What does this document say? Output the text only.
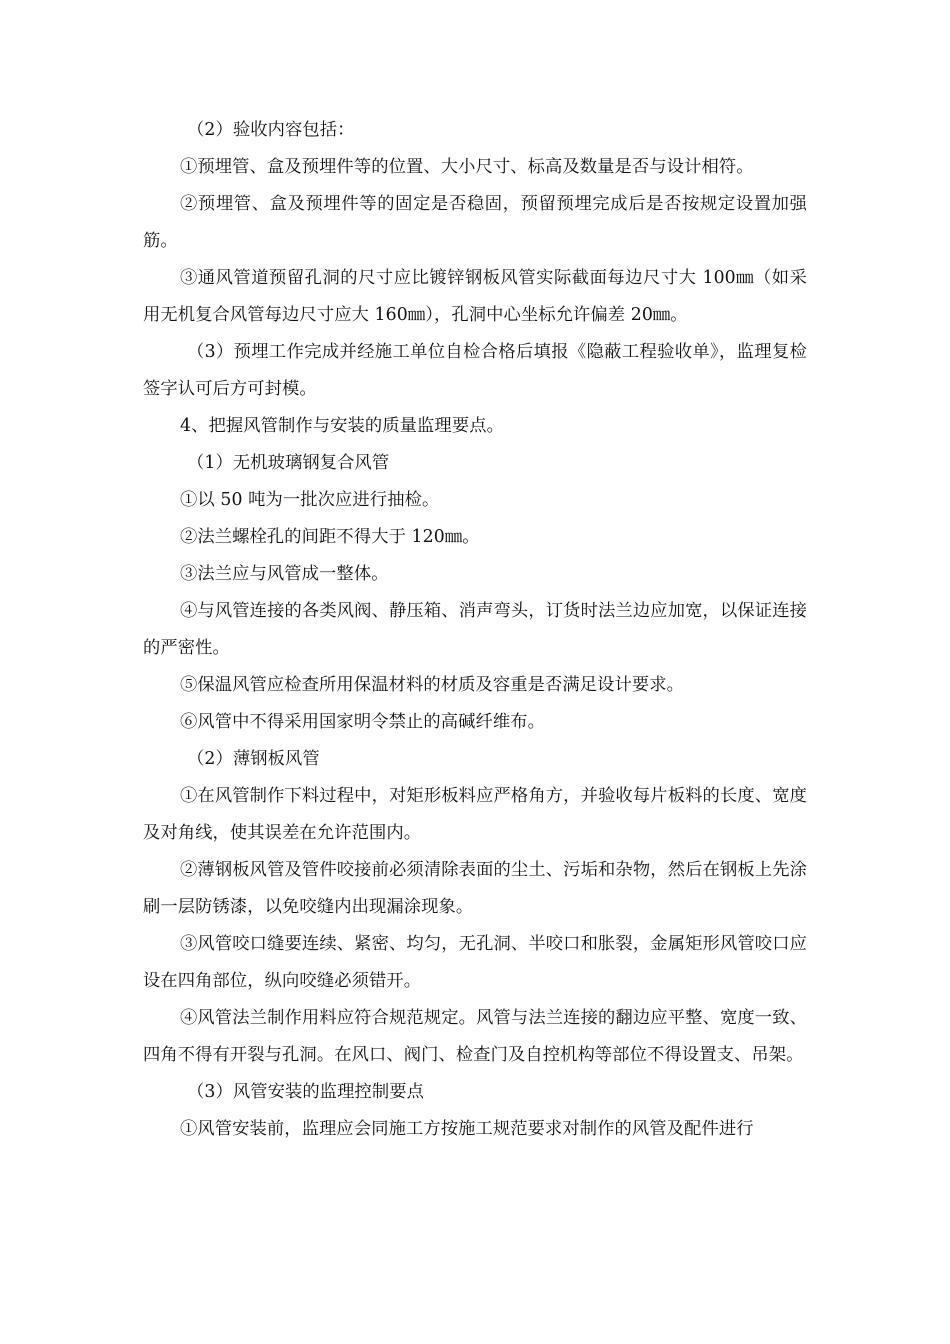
（2）验收内容包括：

①预埋管、盒及预埋件等的位置、大小尺寸、标高及数量是否与设计相符。

②预埋管、盒及预埋件等的固定是否稳固，预留预埋完成后是否按规定设置加强筋。

③通风管道预留孔洞的尺寸应比镀锌钢板风管实际截面每边尺寸大 100㎜（如采用无机复合风管每边尺寸应大 160㎜），孔洞中心坐标允许偏差 20㎜。

（3）预埋工作完成并经施工单位自检合格后填报《隐蔽工程验收单》，监理复检签字认可后方可封模。

4、把握风管制作与安装的质量监理要点。

（1）无机玻璃钢复合风管

①以 50 吨为一批次应进行抽检。

②法兰螺栓孔的间距不得大于 120㎜。

③法兰应与风管成一整体。

④与风管连接的各类风阀、静压箱、消声弯头，订货时法兰边应加宽，以保证连接的严密性。

⑤保温风管应检查所用保温材料的材质及容重是否满足设计要求。

⑥风管中不得采用国家明令禁止的高碱纤维布。

（2）薄钢板风管

①在风管制作下料过程中，对矩形板料应严格角方，并验收每片板料的长度、宽度及对角线，使其误差在允许范围内。

②薄钢板风管及管件咬接前必须清除表面的尘土、污垢和杂物，然后在钢板上先涂刷一层防锈漆，以免咬缝内出现漏涂现象。

③风管咬口缝要连续、紧密、均匀，无孔洞、半咬口和胀裂，金属矩形风管咬口应设在四角部位，纵向咬缝必须错开。

④风管法兰制作用料应符合规范规定。风管与法兰连接的翻边应平整、宽度一致、四角不得有开裂与孔洞。在风口、阀门、检查门及自控机构等部位不得设置支、吊架。

（3）风管安装的监理控制要点

①风管安装前，监理应会同施工方按施工规范要求对制作的风管及配件进行
